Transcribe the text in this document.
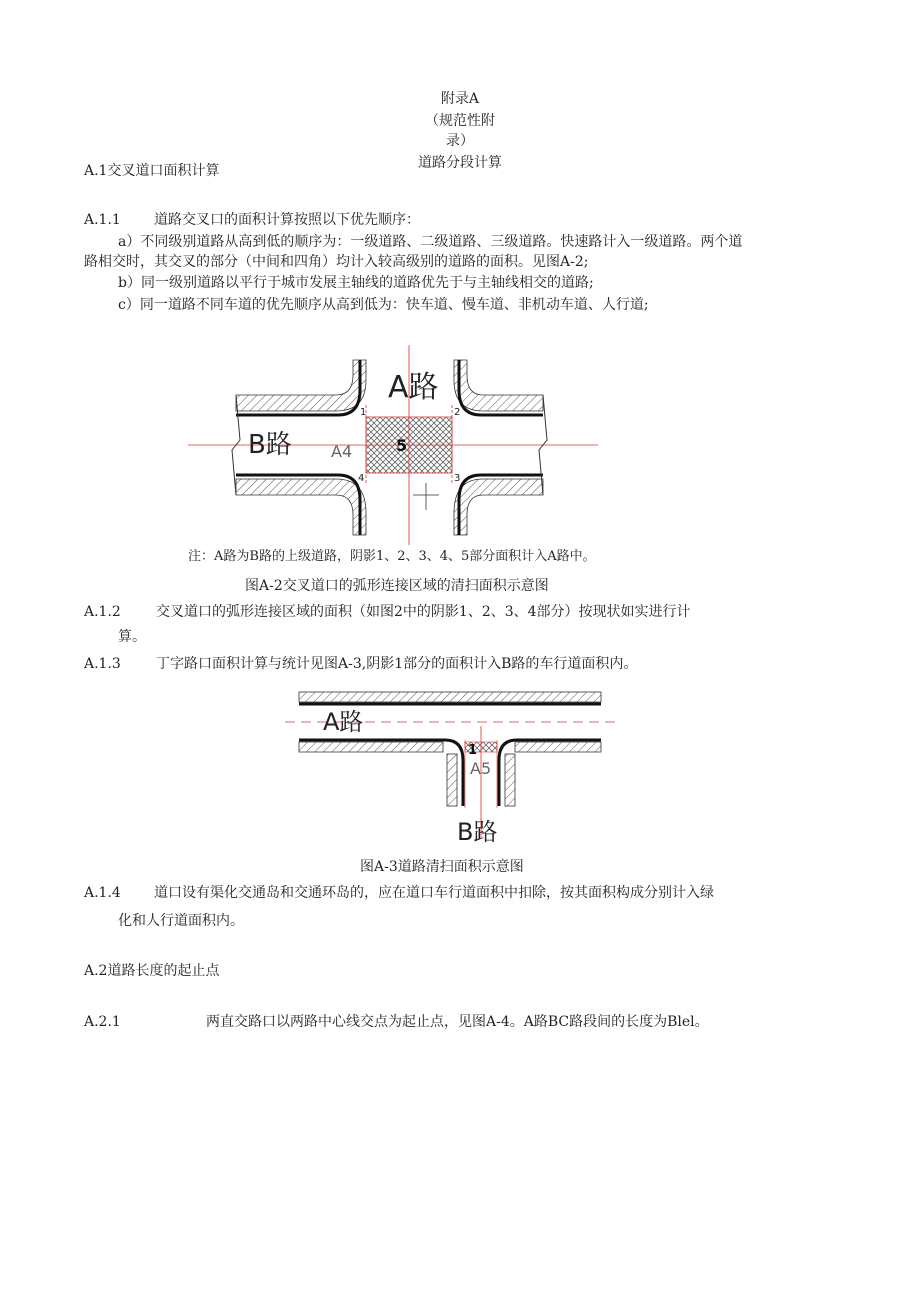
附录A
（规范性附
录）
道路分段计算
A.1交叉道口面积计算
A.1.1 道路交叉口的面积计算按照以下优先顺序：
a）不同级别道路从高到低的顺序为：一级道路、二级道路、三级道路。快速路计入一级道路。两个道
路相交时，其交叉的部分（中间和四角）均计入较高级别的道路的面积。见图A-2;
b）同一级别道路以平行于城市发展主轴线的道路优先于与主轴线相交的道路;
c）同一道路不同车道的优先顺序从高到低为：快车道、慢车道、非机动车道、人行道;
A路
B路
1	2
3
4
5
A4
注：A路为B路的上级道路，阴影1、2、3、4、5部分面积计入A路中。
图A-2交叉道口的弧形连接区域的清扫面积示意图
A.1.2	交叉道口的弧形连接区域的面积（如图2中的阴影1、2、3、4部分）按现状如实进行计
算。
A.1.3	丁字路口面积计算与统计见图A-3,阴影1部分的面积计入B路的车行道面积内。
A路
B路
1
A5
图A-3道路清扫面积示意图
A.1.4 道口设有渠化交通岛和交通环岛的，应在道口车行道面积中扣除，按其面积构成分别计入绿
化和人行道面积内。
A.2道路长度的起止点
A.2.1	两直交路口以两路中心线交点为起止点，见图A-4。A路BC路段间的长度为Blel。
